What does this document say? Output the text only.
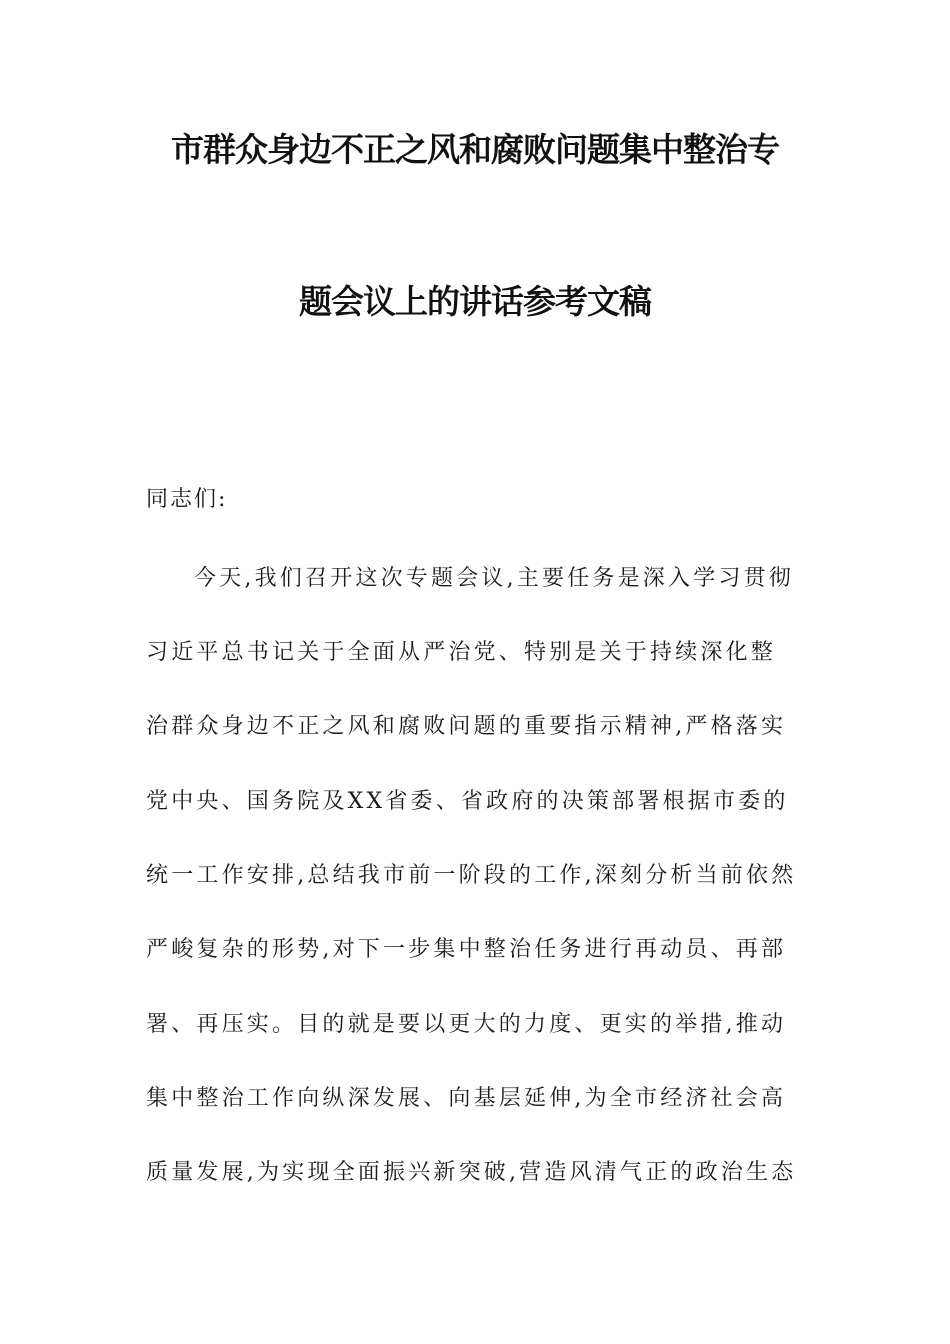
市群众身边不正之风和腐败问题集中整治专
题会议上的讲话参考文稿
同志们:
今天,我们召开这次专题会议,主要任务是深入学习贯彻
习近平总书记关于全面从严治党、特别是关于持续深化整
治群众身边不正之风和腐败问题的重要指示精神,严格落实
党中央、国务院及XX省委、省政府的决策部署根据市委的
统一工作安排,总结我市前一阶段的工作,深刻分析当前依然
严峻复杂的形势,对下一步集中整治任务进行再动员、再部
署、再压实。目的就是要以更大的力度、更实的举措,推动
集中整治工作向纵深发展、向基层延伸,为全市经济社会高
质量发展,为实现全面振兴新突破,营造风清气正的政治生态
